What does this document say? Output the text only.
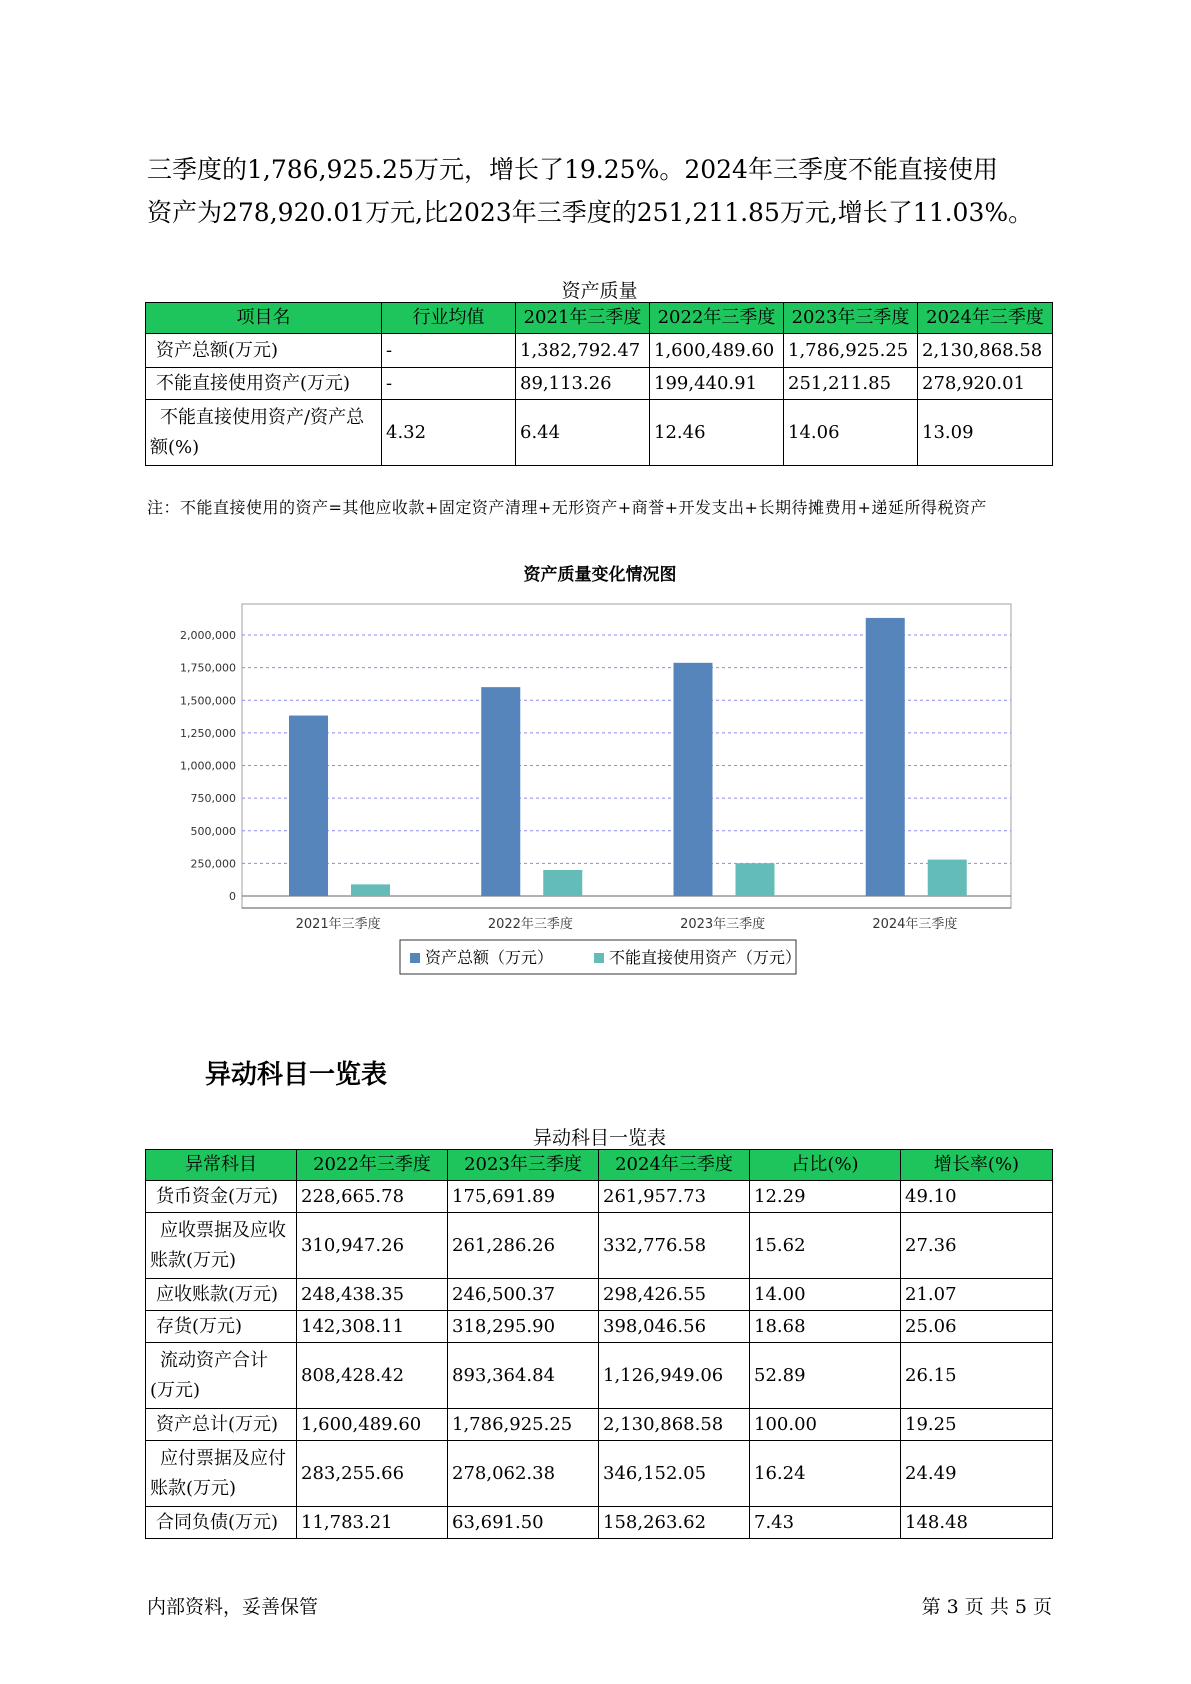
三季度的1,786,925.25万元，增长了19.25%。2024年三季度不能直接使用
资产为278,920.01万元,比2023年三季度的251,211.85万元,增长了11.03%。
资产质量
项目名	行业均值	2021年三季度	2022年三季度	2023年三季度	2024年三季度
资产总额(万元)	-	1,382,792.47	1,600,489.60	1,786,925.25	2,130,868.58
不能直接使用资产(万元)	-	89,113.26	199,440.91	251,211.85	278,920.01
不能直接使用资产/资产总额(%)	4.32	6.44	12.46	14.06	13.09
注：不能直接使用的资产=其他应收款+固定资产清理+无形资产+商誉+开发支出+长期待摊费用+递延所得税资产
资产质量变化情况图
0
250,000
500,000
750,000
1,000,000
1,250,000
1,500,000
1,750,000
2,000,000
2021年三季度	2022年三季度	2023年三季度	2024年三季度
资产总额（万元）	不能直接使用资产（万元）
异动科目一览表
异动科目一览表
异常科目	2022年三季度	2023年三季度	2024年三季度	占比(%)	增长率(%)
货币资金(万元)	228,665.78	175,691.89	261,957.73	12.29	49.10
应收票据及应收账款(万元)	310,947.26	261,286.26	332,776.58	15.62	27.36
应收账款(万元)	248,438.35	246,500.37	298,426.55	14.00	21.07
存货(万元)	142,308.11	318,295.90	398,046.56	18.68	25.06
流动资产合计(万元)	808,428.42	893,364.84	1,126,949.06	52.89	26.15
资产总计(万元)	1,600,489.60	1,786,925.25	2,130,868.58	100.00	19.25
应付票据及应付账款(万元)	283,255.66	278,062.38	346,152.05	16.24	24.49
合同负债(万元)	11,783.21	63,691.50	158,263.62	7.43	148.48
内部资料，妥善保管	第 3 页 共 5 页
